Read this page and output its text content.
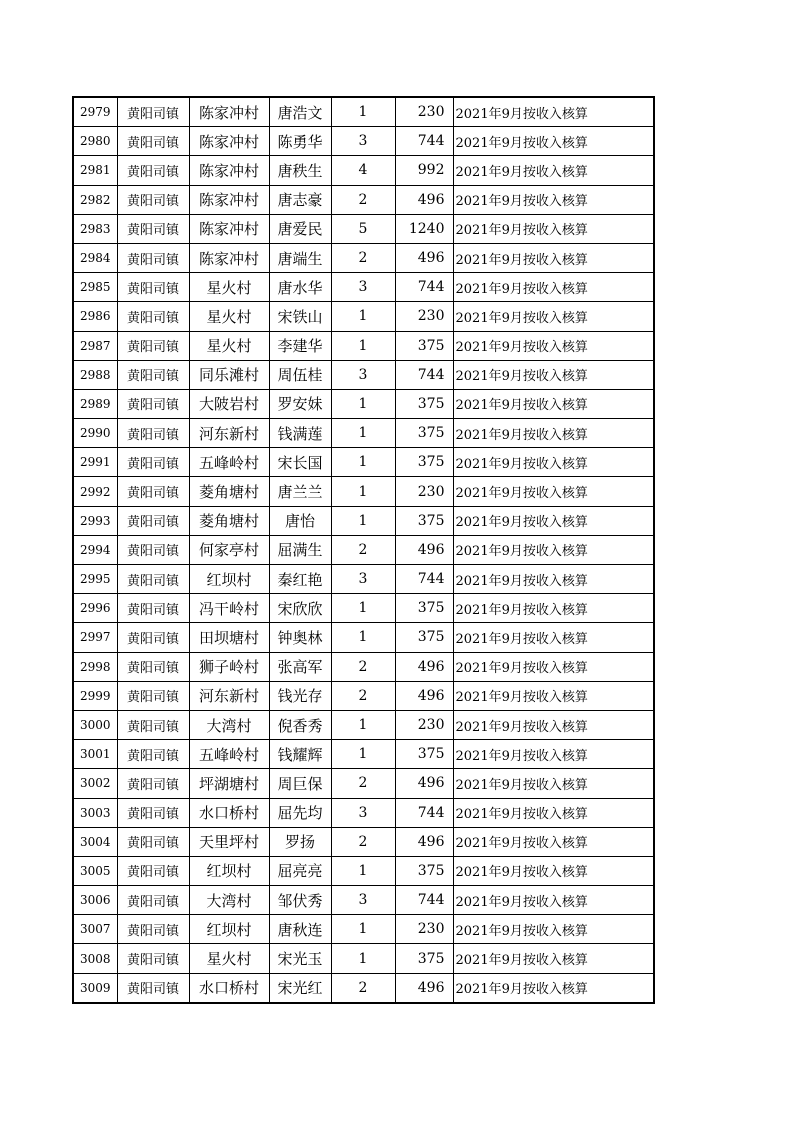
2979	黄阳司镇	陈家冲村	唐浩文	1	230	2021年9月按收入核算
2980	黄阳司镇	陈家冲村	陈勇华	3	744	2021年9月按收入核算
2981	黄阳司镇	陈家冲村	唐秩生	4	992	2021年9月按收入核算
2982	黄阳司镇	陈家冲村	唐志豪	2	496	2021年9月按收入核算
2983	黄阳司镇	陈家冲村	唐爱民	5	1240	2021年9月按收入核算
2984	黄阳司镇	陈家冲村	唐端生	2	496	2021年9月按收入核算
2985	黄阳司镇	星火村	唐水华	3	744	2021年9月按收入核算
2986	黄阳司镇	星火村	宋铁山	1	230	2021年9月按收入核算
2987	黄阳司镇	星火村	李建华	1	375	2021年9月按收入核算
2988	黄阳司镇	同乐滩村	周伍桂	3	744	2021年9月按收入核算
2989	黄阳司镇	大陂岩村	罗安妹	1	375	2021年9月按收入核算
2990	黄阳司镇	河东新村	钱满莲	1	375	2021年9月按收入核算
2991	黄阳司镇	五峰岭村	宋长国	1	375	2021年9月按收入核算
2992	黄阳司镇	菱角塘村	唐兰兰	1	230	2021年9月按收入核算
2993	黄阳司镇	菱角塘村	唐怡	1	375	2021年9月按收入核算
2994	黄阳司镇	何家亭村	屈满生	2	496	2021年9月按收入核算
2995	黄阳司镇	红坝村	秦红艳	3	744	2021年9月按收入核算
2996	黄阳司镇	冯干岭村	宋欣欣	1	375	2021年9月按收入核算
2997	黄阳司镇	田坝塘村	钟奥林	1	375	2021年9月按收入核算
2998	黄阳司镇	狮子岭村	张高军	2	496	2021年9月按收入核算
2999	黄阳司镇	河东新村	钱光存	2	496	2021年9月按收入核算
3000	黄阳司镇	大湾村	倪香秀	1	230	2021年9月按收入核算
3001	黄阳司镇	五峰岭村	钱耀辉	1	375	2021年9月按收入核算
3002	黄阳司镇	坪湖塘村	周巨保	2	496	2021年9月按收入核算
3003	黄阳司镇	水口桥村	屈先均	3	744	2021年9月按收入核算
3004	黄阳司镇	天里坪村	罗扬	2	496	2021年9月按收入核算
3005	黄阳司镇	红坝村	屈亮亮	1	375	2021年9月按收入核算
3006	黄阳司镇	大湾村	邹伏秀	3	744	2021年9月按收入核算
3007	黄阳司镇	红坝村	唐秋连	1	230	2021年9月按收入核算
3008	黄阳司镇	星火村	宋光玉	1	375	2021年9月按收入核算
3009	黄阳司镇	水口桥村	宋光红	2	496	2021年9月按收入核算
